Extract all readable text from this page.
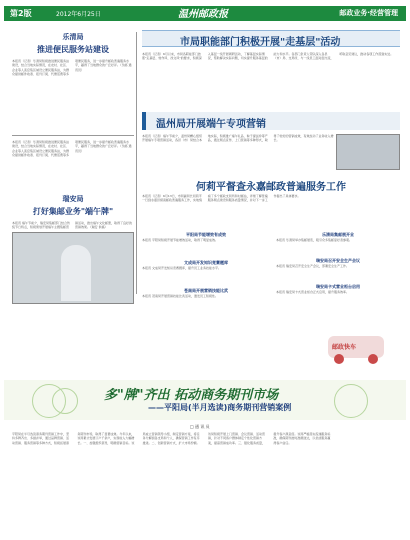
第2版	2012年6月25日	温州邮政报	邮政业务·经营管理
乐清局
推进便民服务站建设
本报讯（记者）乐清局积极推进便民服务站建设，结合当地实际情况，在农村、社区、企业等人流密集区域设立便民服务站，为群众提供邮件收寄、报刊订阅、代缴话费等多项便民服务，进一步提升邮政普遍服务水平，赢得了当地群众的广泛好评。（乐邮 通讯员）
本报讯（记者）乐清局积极推进便民服务站建设，结合当地实际情况，在农村、社区、企业等人流密集区域设立便民服务站，为群众提供邮件收寄、报刊订阅、代缴话费等多项便民服务，进一步提升邮政普遍服务水平，赢得了当地群众的广泛好评。（乐邮 通讯员）
瑞安局
打好集邮业务"端午牌"
本报讯 端午节前夕，瑞安局集邮部门结合传统节日特点，积极策划开展端午主题集邮营销活动，推出端午文化邮册，取得了良好的营销效果。（瑞安 供稿）
市局职能部门积极开展"走基层"活动
本报讯（记者）6月以来，市局各职能部门按照"走基层、转作风、改文风"的要求，积极深入基层一线开展调研活动，了解基层实际情况，帮助解决实际问题，切实提升服务基层的能力和水平。各部门负责人带队深入各县（市）局、支局所，与一线员工面对面交流，听取意见建议，推动各项工作落到实处。
温州局开展端午专项营销
本报讯（记者）端午节前夕，温州局精心组织开展端午专项营销活动，各县（市）局结合本地实际，积极推广端午礼品、粽子提货券等产品，通过网点宣传、上门营销等多种形式，取得了较好的营销成效，有效拉动了业务收入增长。
何莉平督查永嘉邮政普遍服务工作
本报讯（记者）6月13日，市局副局长何莉平一行到永嘉县督查邮政普遍服务工作，实地察看了多个邮政支局所和村邮站，详细了解普遍服务网点建设和服务质量情况，并对下一步工作提出了具体要求。
平阳局节能增效有成效
本报讯 平阳局积极开展节能增效活动，取得了明显成效。
文成局开发知识竞赛题库
本报讯 文成局开发知识竞赛题库，提升员工业务技能水平。
苍南局开展营销技能比武
本报讯 苍南局开展营销技能比武活动，激发员工积极性。
乐清局集邮展开业
本报讯 乐清局举办集邮展览，吸引众多集邮爱好者参观。
瑞安局召开安全生产会议
本报讯 瑞安局召开安全生产会议，部署安全生产工作。
瑞安局卡式营业柜台启用
本报讯 瑞安局卡式营业柜台正式启用，提升服务效率。
邮政快车
多"牌"齐出 拓动商务期刊市场
——平阳局(半月选读)商务期刊营销案例
□ 通 讯 员
平阳局在半月选读商务期刊营销工作中，坚持多牌齐出、多措并举，通过品牌营销、活动营销、服务营销等多种方式，积极拓展商务期刊市场，取得了显著成效。今年以来，该局累计发展订户千余户，实现收入大幅增长。一、加强组织领导，明确营销目标。该局成立营销领导小组，制定营销方案，将任务分解到各支局和个人，确保营销工作有序推进。二、创新营销方式，扩大市场份额。该局积极开展上门营销、会议营销、活动营销，针对不同客户群体制定个性化营销方案，提高营销成功率。三、强化服务质量，提升客户满意度。该局严格落实投递服务标准，确保期刊按时准确送达，以优质服务赢得客户信任。
